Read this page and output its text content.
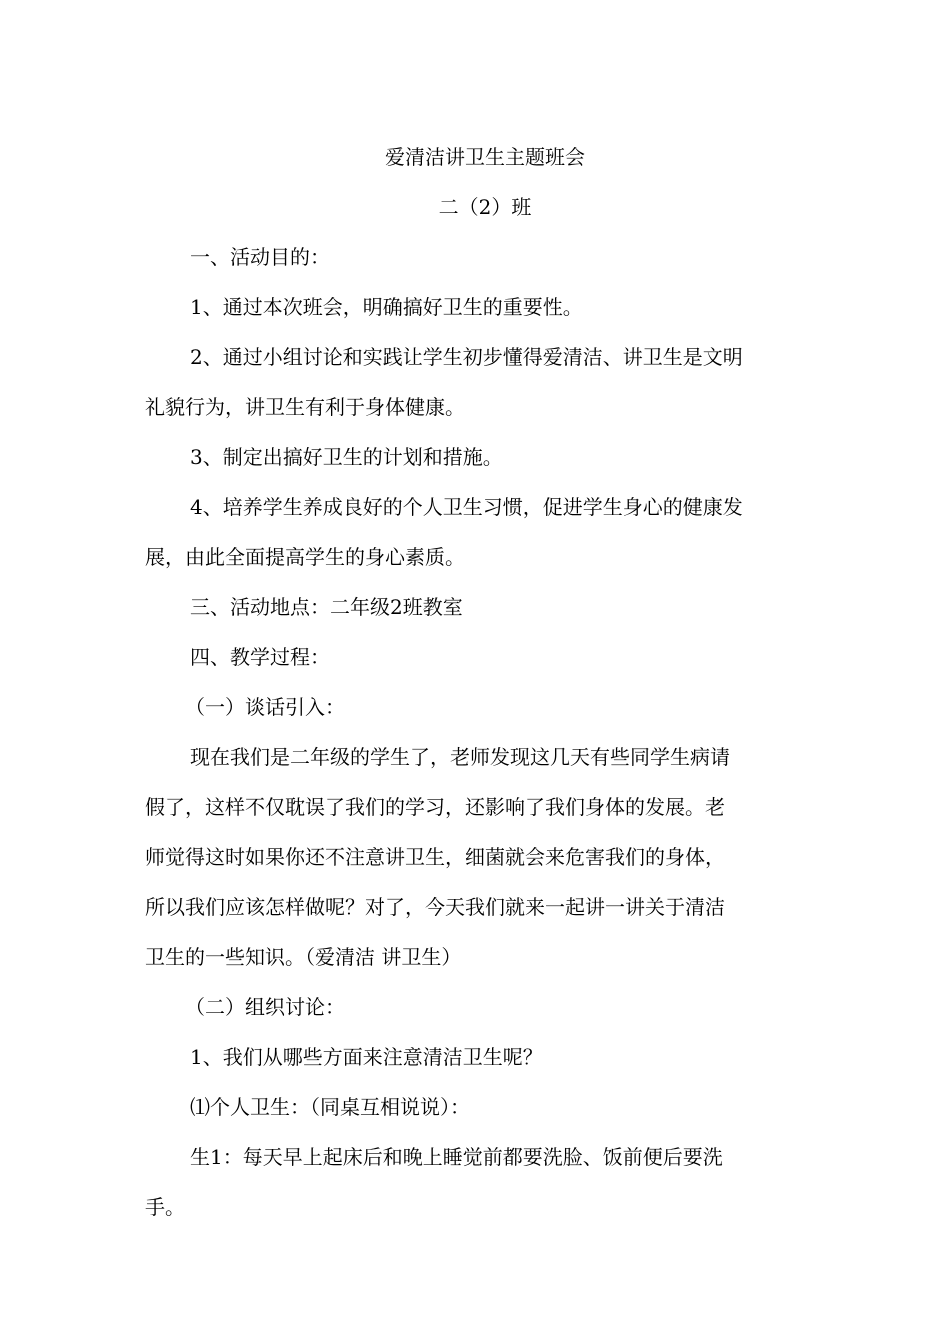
爱清洁讲卫生主题班会
二（2）班
一、活动目的：
1、通过本次班会，明确搞好卫生的重要性。
2、通过小组讨论和实践让学生初步懂得爱清洁、讲卫生是文明
礼貌行为，讲卫生有利于身体健康。
3、制定出搞好卫生的计划和措施。
4、培养学生养成良好的个人卫生习惯，促进学生身心的健康发
展，由此全面提高学生的身心素质。
三、活动地点：二年级2班教室
四、教学过程：
（一）谈话引入：
现在我们是二年级的学生了，老师发现这几天有些同学生病请
假了，这样不仅耽误了我们的学习，还影响了我们身体的发展。老
师觉得这时如果你还不注意讲卫生，细菌就会来危害我们的身体，
所以我们应该怎样做呢？对了，今天我们就来一起讲一讲关于清洁
卫生的一些知识。（爱清洁 讲卫生）
（二）组织讨论：
1、我们从哪些方面来注意清洁卫生呢？
⑴个人卫生：（同桌互相说说）：
生1：每天早上起床后和晚上睡觉前都要洗脸、饭前便后要洗
手。
